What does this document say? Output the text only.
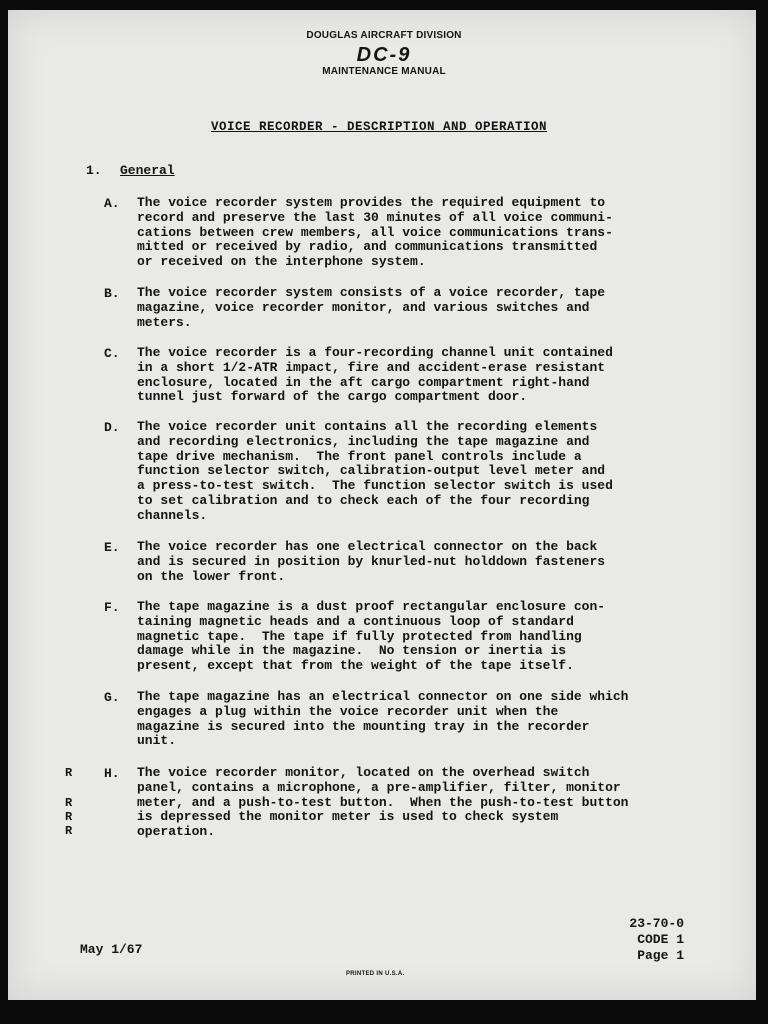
DOUGLAS AIRCRAFT DIVISION
DC-9
MAINTENANCE MANUAL
VOICE RECORDER - DESCRIPTION AND OPERATION
1. General
A. The voice recorder system provides the required equipment to
record and preserve the last 30 minutes of all voice communi-
cations between crew members, all voice communications trans-
mitted or received by radio, and communications transmitted
or received on the interphone system.
B. The voice recorder system consists of a voice recorder, tape
magazine, voice recorder monitor, and various switches and
meters.
C. The voice recorder is a four-recording channel unit contained
in a short 1/2-ATR impact, fire and accident-erase resistant
enclosure, located in the aft cargo compartment right-hand
tunnel just forward of the cargo compartment door.
D. The voice recorder unit contains all the recording elements
and recording electronics, including the tape magazine and
tape drive mechanism.  The front panel controls include a
function selector switch, calibration-output level meter and
a press-to-test switch.  The function selector switch is used
to set calibration and to check each of the four recording
channels.
E. The voice recorder has one electrical connector on the back
and is secured in position by knurled-nut holddown fasteners
on the lower front.
F. The tape magazine is a dust proof rectangular enclosure con-
taining magnetic heads and a continuous loop of standard
magnetic tape.  The tape if fully protected from handling
damage while in the magazine.  No tension or inertia is
present, except that from the weight of the tape itself.
G. The tape magazine has an electrical connector on one side which
engages a plug within the voice recorder unit when the
magazine is secured into the mounting tray in the recorder
unit.
R
R
R
R
H. The voice recorder monitor, located on the overhead switch
panel, contains a microphone, a pre-amplifier, filter, monitor
meter, and a push-to-test button.  When the push-to-test button
is depressed the monitor meter is used to check system
operation.
23-70-0
CODE 1
Page 1
May 1/67
PRINTED IN U.S.A.
